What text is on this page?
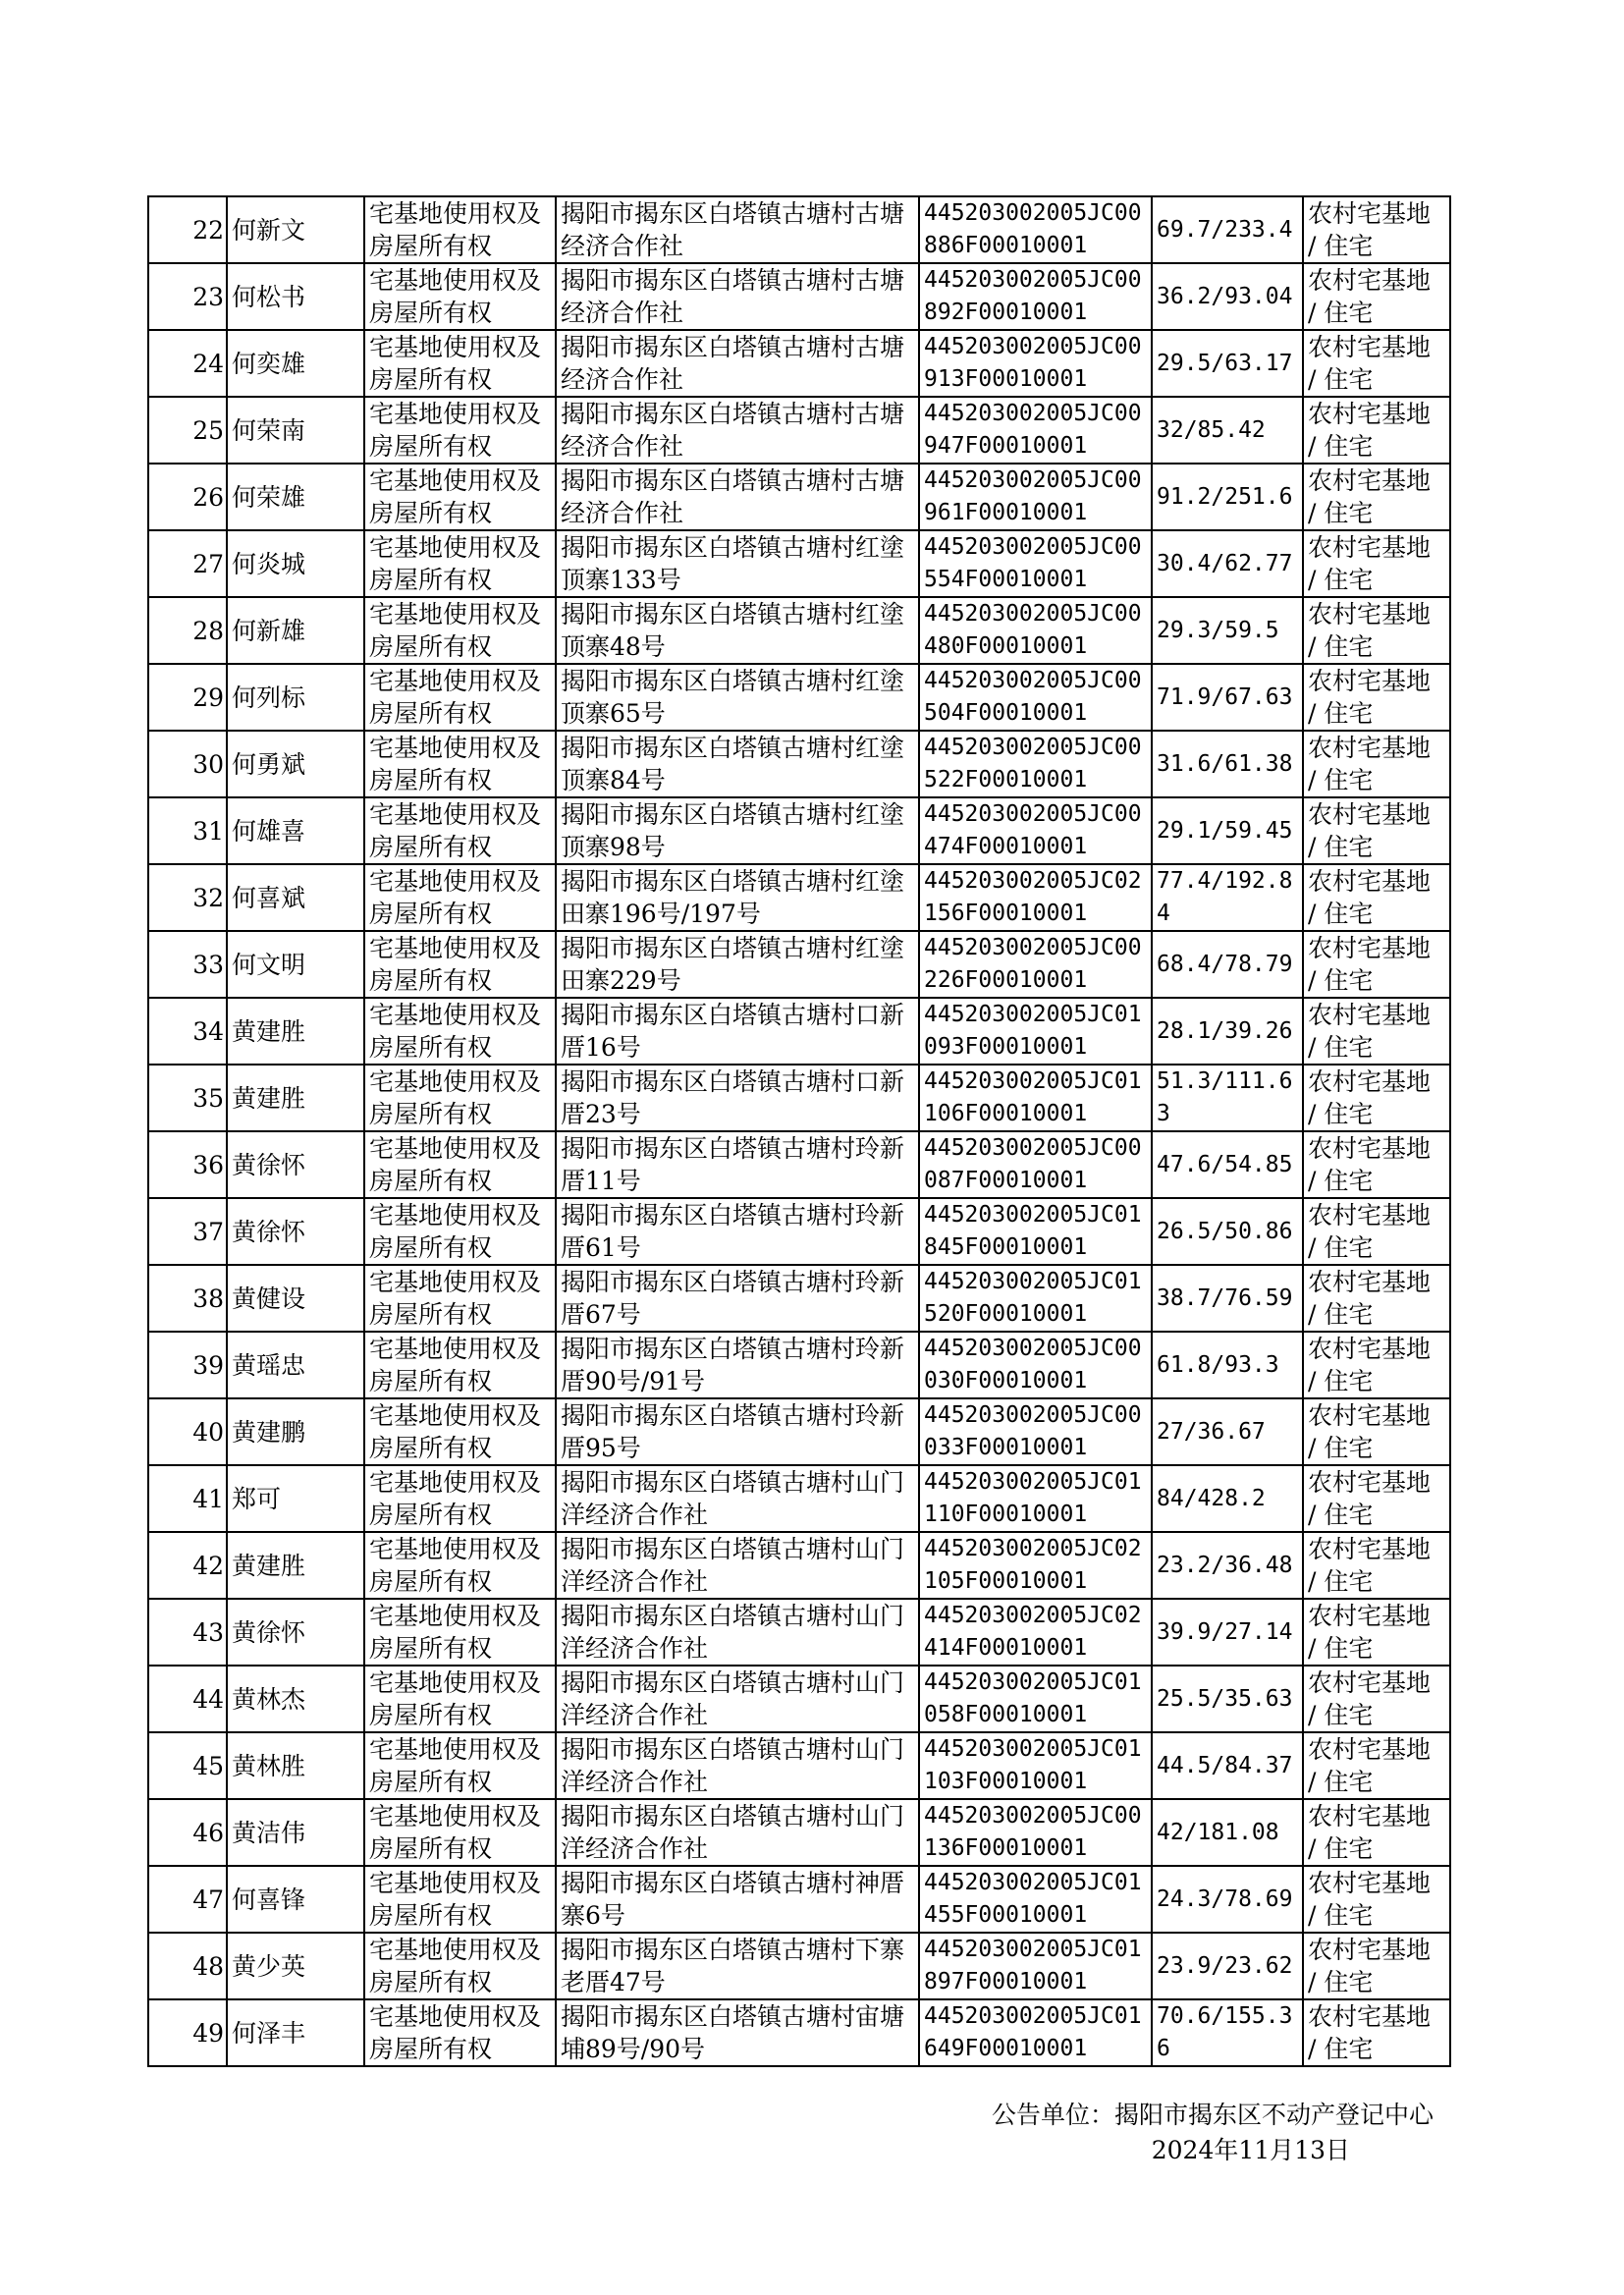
22	何新文	宅基地使用权及房屋所有权	揭阳市揭东区白塔镇古塘村古塘经济合作社	445203002005JC00886F00010001	69.7/233.4	农村宅基地 / 住宅
23	何松书	宅基地使用权及房屋所有权	揭阳市揭东区白塔镇古塘村古塘经济合作社	445203002005JC00892F00010001	36.2/93.04	农村宅基地 / 住宅
24	何奕雄	宅基地使用权及房屋所有权	揭阳市揭东区白塔镇古塘村古塘经济合作社	445203002005JC00913F00010001	29.5/63.17	农村宅基地 / 住宅
25	何荣南	宅基地使用权及房屋所有权	揭阳市揭东区白塔镇古塘村古塘经济合作社	445203002005JC00947F00010001	32/85.42	农村宅基地 / 住宅
26	何荣雄	宅基地使用权及房屋所有权	揭阳市揭东区白塔镇古塘村古塘经济合作社	445203002005JC00961F00010001	91.2/251.6	农村宅基地 / 住宅
27	何炎城	宅基地使用权及房屋所有权	揭阳市揭东区白塔镇古塘村红塗顶寨133号	445203002005JC00554F00010001	30.4/62.77	农村宅基地 / 住宅
28	何新雄	宅基地使用权及房屋所有权	揭阳市揭东区白塔镇古塘村红塗顶寨48号	445203002005JC00480F00010001	29.3/59.5	农村宅基地 / 住宅
29	何列标	宅基地使用权及房屋所有权	揭阳市揭东区白塔镇古塘村红塗顶寨65号	445203002005JC00504F00010001	71.9/67.63	农村宅基地 / 住宅
30	何勇斌	宅基地使用权及房屋所有权	揭阳市揭东区白塔镇古塘村红塗顶寨84号	445203002005JC00522F00010001	31.6/61.38	农村宅基地 / 住宅
31	何雄喜	宅基地使用权及房屋所有权	揭阳市揭东区白塔镇古塘村红塗顶寨98号	445203002005JC00474F00010001	29.1/59.45	农村宅基地 / 住宅
32	何喜斌	宅基地使用权及房屋所有权	揭阳市揭东区白塔镇古塘村红塗田寨196号/197号	445203002005JC02156F00010001	77.4/192.84	农村宅基地 / 住宅
33	何文明	宅基地使用权及房屋所有权	揭阳市揭东区白塔镇古塘村红塗田寨229号	445203002005JC00226F00010001	68.4/78.79	农村宅基地 / 住宅
34	黄建胜	宅基地使用权及房屋所有权	揭阳市揭东区白塔镇古塘村口新厝16号	445203002005JC01093F00010001	28.1/39.26	农村宅基地 / 住宅
35	黄建胜	宅基地使用权及房屋所有权	揭阳市揭东区白塔镇古塘村口新厝23号	445203002005JC01106F00010001	51.3/111.63	农村宅基地 / 住宅
36	黄徐怀	宅基地使用权及房屋所有权	揭阳市揭东区白塔镇古塘村玲新厝11号	445203002005JC00087F00010001	47.6/54.85	农村宅基地 / 住宅
37	黄徐怀	宅基地使用权及房屋所有权	揭阳市揭东区白塔镇古塘村玲新厝61号	445203002005JC01845F00010001	26.5/50.86	农村宅基地 / 住宅
38	黄健设	宅基地使用权及房屋所有权	揭阳市揭东区白塔镇古塘村玲新厝67号	445203002005JC01520F00010001	38.7/76.59	农村宅基地 / 住宅
39	黄瑶忠	宅基地使用权及房屋所有权	揭阳市揭东区白塔镇古塘村玲新厝90号/91号	445203002005JC00030F00010001	61.8/93.3	农村宅基地 / 住宅
40	黄建鹏	宅基地使用权及房屋所有权	揭阳市揭东区白塔镇古塘村玲新厝95号	445203002005JC00033F00010001	27/36.67	农村宅基地 / 住宅
41	郑可	宅基地使用权及房屋所有权	揭阳市揭东区白塔镇古塘村山门洋经济合作社	445203002005JC01110F00010001	84/428.2	农村宅基地 / 住宅
42	黄建胜	宅基地使用权及房屋所有权	揭阳市揭东区白塔镇古塘村山门洋经济合作社	445203002005JC02105F00010001	23.2/36.48	农村宅基地 / 住宅
43	黄徐怀	宅基地使用权及房屋所有权	揭阳市揭东区白塔镇古塘村山门洋经济合作社	445203002005JC02414F00010001	39.9/27.14	农村宅基地 / 住宅
44	黄林杰	宅基地使用权及房屋所有权	揭阳市揭东区白塔镇古塘村山门洋经济合作社	445203002005JC01058F00010001	25.5/35.63	农村宅基地 / 住宅
45	黄林胜	宅基地使用权及房屋所有权	揭阳市揭东区白塔镇古塘村山门洋经济合作社	445203002005JC01103F00010001	44.5/84.37	农村宅基地 / 住宅
46	黄洁伟	宅基地使用权及房屋所有权	揭阳市揭东区白塔镇古塘村山门洋经济合作社	445203002005JC00136F00010001	42/181.08	农村宅基地 / 住宅
47	何喜锋	宅基地使用权及房屋所有权	揭阳市揭东区白塔镇古塘村神厝寨6号	445203002005JC01455F00010001	24.3/78.69	农村宅基地 / 住宅
48	黄少英	宅基地使用权及房屋所有权	揭阳市揭东区白塔镇古塘村下寨老厝47号	445203002005JC01897F00010001	23.9/23.62	农村宅基地 / 住宅
49	何泽丰	宅基地使用权及房屋所有权	揭阳市揭东区白塔镇古塘村宙塘埔89号/90号	445203002005JC01649F00010001	70.6/155.36	农村宅基地 / 住宅
公告单位：揭阳市揭东区不动产登记中心
2024年11月13日
